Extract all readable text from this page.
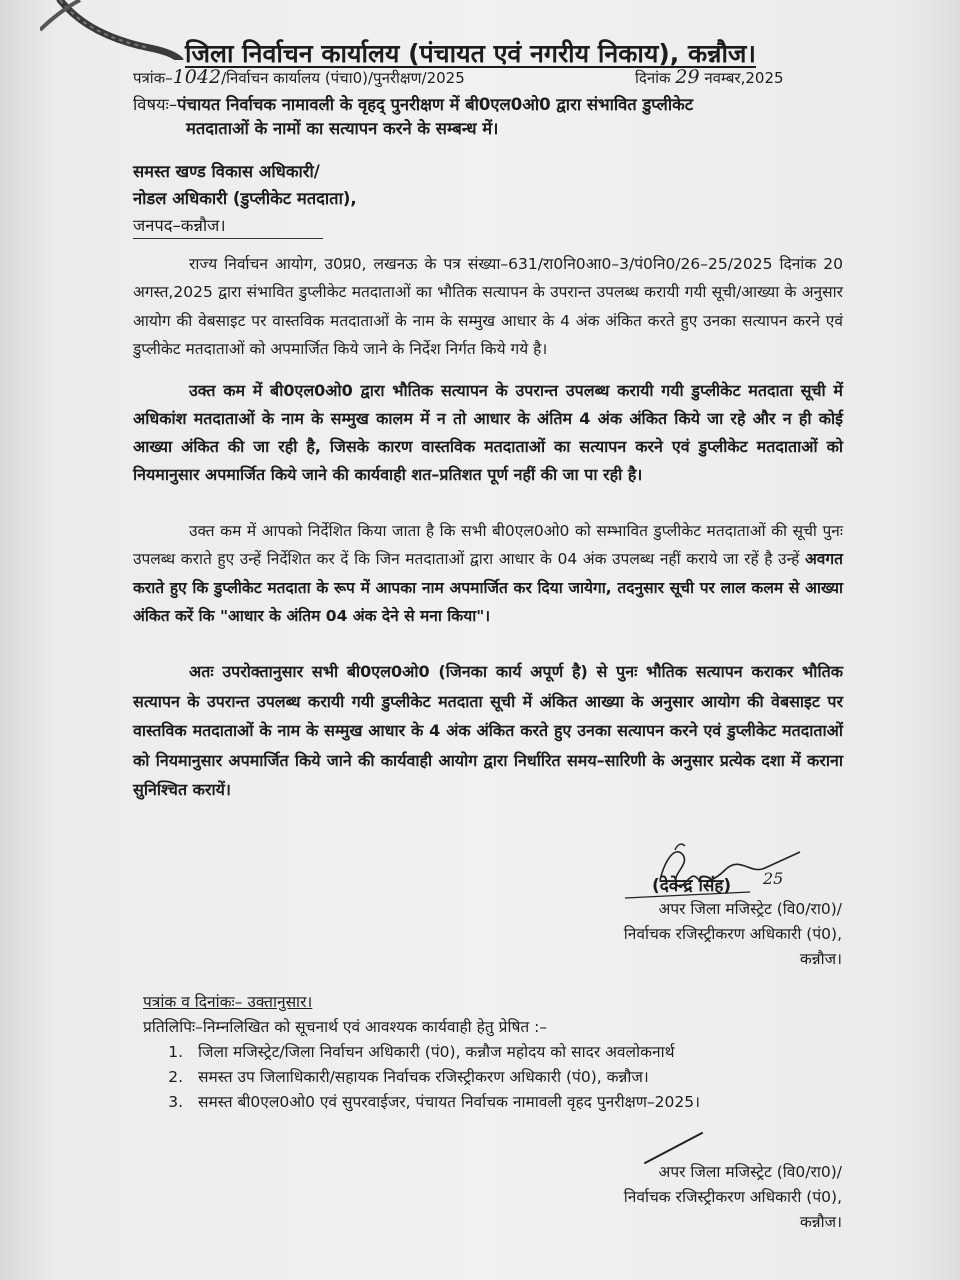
जिला निर्वाचन कार्यालय (पंचायत एवं नगरीय निकाय), कन्नौज।
पत्रांक–1042/निर्वाचन कार्यालय (पंचा0)/पुनरीक्षण/2025	दिनांक 29 नवम्बर,2025
विषयः–पंचायत निर्वाचक नामावली के वृहद् पुनरीक्षण में बी0एल0ओ0 द्वारा संभावित डुप्लीकेट
मतदाताओं के नामों का सत्यापन करने के सम्बन्ध में।
समस्त खण्ड विकास अधिकारी/
नोडल अधिकारी (डुप्लीकेट मतदाता),
जनपद–कन्नौज।
राज्य निर्वाचन आयोग, उ0प्र0, लखनऊ के पत्र संख्या–631/रा0नि0आ0–3/पं0नि0/26–25/2025 दिनांक 20 अगस्त,2025 द्वारा संभावित डुप्लीकेट मतदाताओं का भौतिक सत्यापन के उपरान्त उपलब्ध करायी गयी सूची/आख्या के अनुसार आयोग की वेबसाइट पर वास्तविक मतदाताओं के नाम के सम्मुख आधार के 4 अंक अंकित करते हुए उनका सत्यापन करने एवं डुप्लीकेट मतदाताओं को अपमार्जित किये जाने के निर्देश निर्गत किये गये है।
उक्त कम में बी0एल0ओ0 द्वारा भौतिक सत्यापन के उपरान्त उपलब्ध करायी गयी डुप्लीकेट मतदाता सूची में अधिकांश मतदाताओं के नाम के सम्मुख कालम में न तो आधार के अंतिम 4 अंक अंकित किये जा रहे और न ही कोई आख्या अंकित की जा रही है, जिसके कारण वास्तविक मतदाताओं का सत्यापन करने एवं डुप्लीकेट मतदाताओं को नियमानुसार अपमार्जित किये जाने की कार्यवाही शत–प्रतिशत पूर्ण नहीं की जा पा रही है।
उक्त कम में आपको निर्देशित किया जाता है कि सभी बी0एल0ओ0 को सम्भावित डुप्लीकेट मतदाताओं की सूची पुनः उपलब्ध कराते हुए उन्हें निर्देशित कर दें कि जिन मतदाताओं द्वारा आधार के 04 अंक उपलब्ध नहीं कराये जा रहें है उन्हें अवगत कराते हुए कि डुप्लीकेट मतदाता के रूप में आपका नाम अपमार्जित कर दिया जायेगा, तदनुसार सूची पर लाल कलम से आख्या अंकित करें कि "आधार के अंतिम 04 अंक देने से मना किया"।
अतः उपरोक्तानुसार सभी बी0एल0ओ0 (जिनका कार्य अपूर्ण है) से पुनः भौतिक सत्यापन कराकर भौतिक सत्यापन के उपरान्त उपलब्ध करायी गयी डुप्लीकेट मतदाता सूची में अंकित आख्या के अनुसार आयोग की वेबसाइट पर वास्तविक मतदाताओं के नाम के सम्मुख आधार के 4 अंक अंकित करते हुए उनका सत्यापन करने एवं डुप्लीकेट मतदाताओं को नियमानुसार अपमार्जित किये जाने की कार्यवाही आयोग द्वारा निर्धारित समय–सारिणी के अनुसार प्रत्येक दशा में कराना सुनिश्चित करायें।
25
(देवेन्द्र सिंह)
अपर जिला मजिस्ट्रेट (वि0/रा0)/
निर्वाचक रजिस्ट्रीकरण अधिकारी (पं0),
कन्नौज।
पत्रांक व दिनांकः– उक्तानुसार।
प्रतिलिपिः–निम्नलिखित को सूचनार्थ एवं आवश्यक कार्यवाही हेतु प्रेषित :–
1. जिला मजिस्ट्रेट/जिला निर्वाचन अधिकारी (पं0), कन्नौज महोदय को सादर अवलोकनार्थ
2. समस्त उप जिलाधिकारी/सहायक निर्वाचक रजिस्ट्रीकरण अधिकारी (पं0), कन्नौज।
3. समस्त बी0एल0ओ0 एवं सुपरवाईजर, पंचायत निर्वाचक नामावली वृहद पुनरीक्षण–2025।
अपर जिला मजिस्ट्रेट (वि0/रा0)/
निर्वाचक रजिस्ट्रीकरण अधिकारी (पं0),
कन्नौज।
